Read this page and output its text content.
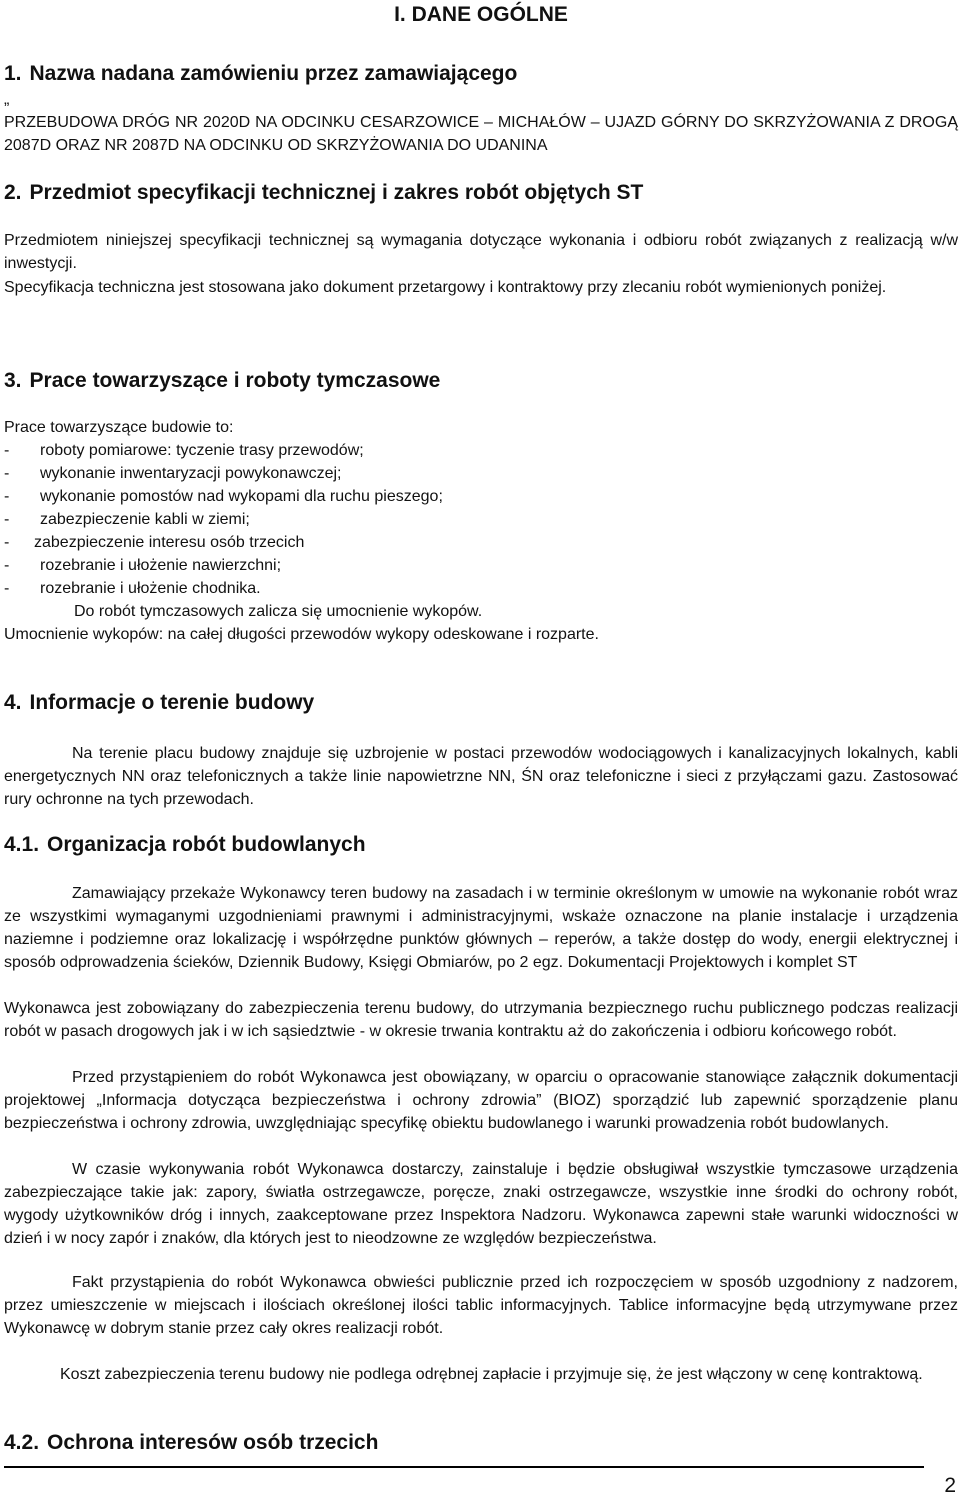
I. DANE OGÓLNE
1. Nazwa nadana zamówieniu przez zamawiającego
„

PRZEBUDOWA DRÓG NR 2020D NA ODCINKU CESARZOWICE – MICHAŁÓW – UJAZD GÓRNY DO SKRZYŻOWANIA Z DROGĄ 2087D ORAZ NR 2087D NA ODCINKU OD SKRZYŻOWANIA DO UDANINA

2. Przedmiot specyfikacji technicznej i zakres robót objętych ST

Przedmiotem niniejszej specyfikacji technicznej są wymagania dotyczące wykonania i odbioru robót związanych z realizacją w/w inwestycji.

Specyfikacja techniczna jest stosowana jako dokument przetargowy i kontraktowy przy zlecaniu robót wymienionych poniżej.

3. Prace towarzyszące i roboty tymczasowe

Prace towarzyszące budowie to:

- roboty pomiarowe: tyczenie trasy przewodów;
- wykonanie inwentaryzacji powykonawczej;
- wykonanie pomostów nad wykopami dla ruchu pieszego;
- zabezpieczenie kabli w ziemi;
- zabezpieczenie interesu osób trzecich
- rozebranie i ułożenie nawierzchni;
- rozebranie i ułożenie chodnika.

Do robót tymczasowych zalicza się umocnienie wykopów.

Umocnienie wykopów: na całej długości przewodów wykopy odeskowane i rozparte.

4. Informacje o terenie budowy

Na terenie placu budowy znajduje się uzbrojenie w postaci przewodów wodociągowych i kanalizacyjnych lokalnych, kabli energetycznych NN oraz telefonicznych a także linie napowietrzne NN, ŚN oraz telefoniczne i sieci z przyłączami gazu. Zastosować rury ochronne na tych przewodach.

4.1. Organizacja robót budowlanych

Zamawiający przekaże Wykonawcy teren budowy na zasadach i w terminie określonym w umowie na wykonanie robót wraz ze wszystkimi wymaganymi uzgodnieniami prawnymi i administracyjnymi, wskaże oznaczone na planie instalacje i urządzenia naziemne i podziemne oraz lokalizację i współrzędne punktów głównych – reperów, a także dostęp do wody, energii elektrycznej i sposób odprowadzenia ścieków, Dziennik Budowy, Księgi Obmiarów, po 2 egz. Dokumentacji Projektowych i komplet ST

Wykonawca jest zobowiązany do zabezpieczenia terenu budowy, do utrzymania bezpiecznego ruchu publicznego podczas realizacji robót w pasach drogowych jak i w ich sąsiedztwie - w okresie trwania kontraktu aż do zakończenia i odbioru końcowego robót.

Przed przystąpieniem do robót Wykonawca jest obowiązany, w oparciu o opracowanie stanowiące załącznik dokumentacji projektowej „Informacja dotycząca bezpieczeństwa i ochrony zdrowia” (BIOZ) sporządzić lub zapewnić sporządzenie planu bezpieczeństwa i ochrony zdrowia, uwzględniając specyfikę obiektu budowlanego i warunki prowadzenia robót budowlanych.

W czasie wykonywania robót Wykonawca dostarczy, zainstaluje i będzie obsługiwał wszystkie tymczasowe urządzenia zabezpieczające takie jak: zapory, światła ostrzegawcze, poręcze, znaki ostrzegawcze, wszystkie inne środki do ochrony robót, wygody użytkowników dróg i innych, zaakceptowane przez Inspektora Nadzoru. Wykonawca zapewni stałe warunki widoczności w dzień i w nocy zapór i znaków, dla których jest to nieodzowne ze względów bezpieczeństwa.

Fakt przystąpienia do robót Wykonawca obwieści publicznie przed ich rozpoczęciem w sposób uzgodniony z nadzorem, przez umieszczenie w miejscach i ilościach określonej ilości tablic informacyjnych. Tablice informacyjne będą utrzymywane przez Wykonawcę w dobrym stanie przez cały okres realizacji robót.

Koszt zabezpieczenia terenu budowy nie podlega odrębnej zapłacie i przyjmuje się, że jest włączony w cenę kontraktową.

4.2. Ochrona interesów osób trzecich
2
